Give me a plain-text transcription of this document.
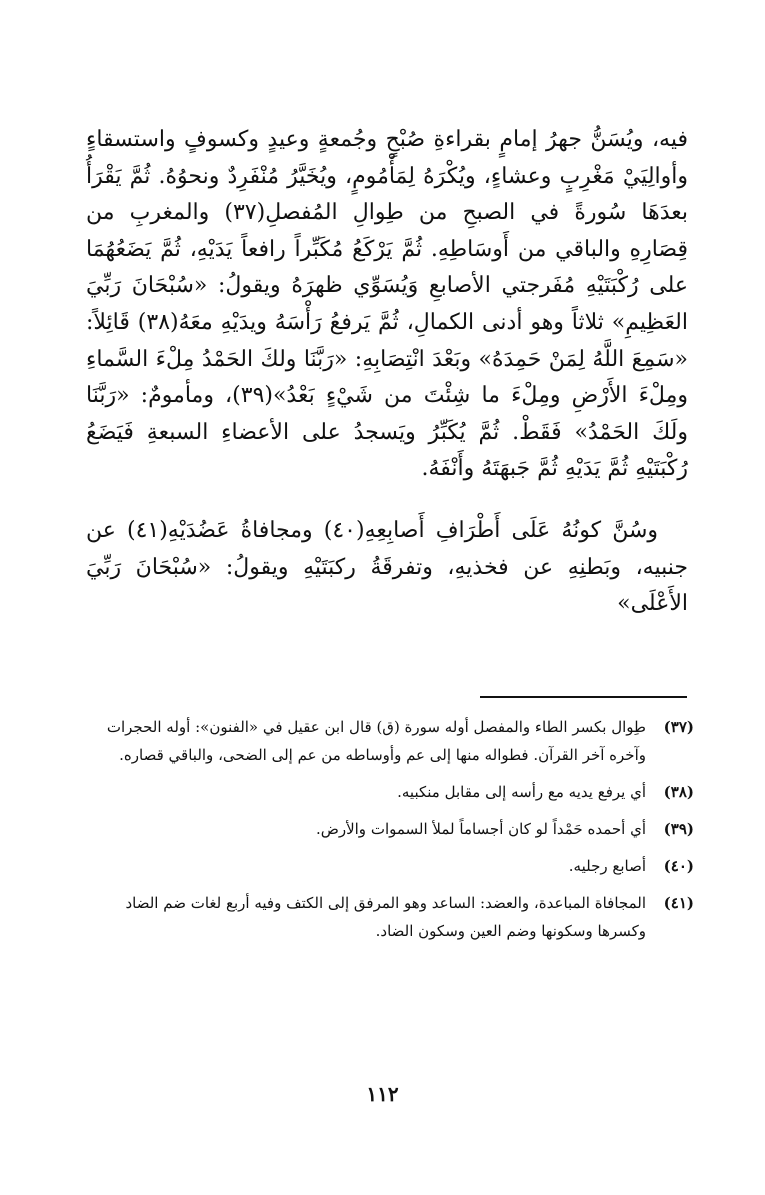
فيه، ويُسَنُّ جهرُ إمامٍ بقراءةِ صُبْحٍ وجُمعةٍ وعيدٍ وكسوفٍ واستسقاءٍ وأوالِيَيْ مَغْرِبٍ وعشاءٍ، ويُكْرَهُ لِمَأْمُومٍ، ويُخَيَّرُ مُنْفَرِدٌ ونحوُهُ. ثُمَّ يَقْرَأُ بعدَهَا سُورةً في الصبحِ من طِوالِ المُفصلِ(٣٧) والمغربِ من قِصَارِهِ والباقي من أَوسَاطِهِ. ثُمَّ يَرْكَعُ مُكَبِّراً رافعاً يَدَيْهِ، ثُمَّ يَضَعُهُمَا على رُكْبَتَيْهِ مُفَرجتي الأصابعِ وَيُسَوِّي ظهرَهُ ويقولُ: «سُبْحَانَ رَبِّيَ العَظِيمِ» ثلاثاً وهو أدنى الكمالِ، ثُمَّ يَرفعُ رَأْسَهُ ويدَيْهِ معَهُ(٣٨) قَائِلاً: «سَمِعَ اللَّهُ لِمَنْ حَمِدَهُ» وبَعْدَ انْتِصَابِهِ: «رَبَّنَا ولكَ الحَمْدُ مِلْءَ السَّماءِ ومِلْءَ الأَرْضِ ومِلْءَ ما شِئْتَ من شَيْءٍ بَعْدُ»(٣٩)، ومأمومٌ: «رَبَّنَا ولَكَ الحَمْدُ» فَقَطْ. ثُمَّ يُكَبِّرُ ويَسجدُ على الأعضاءِ السبعةِ فَيَضَعُ رُكْبَتَيْهِ ثُمَّ يَدَيْهِ ثُمَّ جَبهَتَهُ وأَنْفَهُ.

وسُنَّ كونُهُ عَلَى أَطْرَافِ أَصابِعِهِ(٤٠) ومجافاةُ عَضُدَيْهِ(٤١) عن جنبيه، وبَطنِهِ عن فخذيهِ، وتفرقَةُ ركبَتَيْهِ ويقولُ: «سُبْحَانَ رَبِّيَ الأَعْلَى»

(٣٧)
طِوال بكسر الطاء والمفصل أوله سورة (ق) قال ابن عقيل في «الفنون»: أوله الحجرات وآخره آخر القرآن. فطواله منها إلى عم وأوساطه من عم إلى الضحى، والباقي قصاره.
(٣٨)
أي يرفع يديه مع رأسه إلى مقابل منكبيه.
(٣٩)
أي أحمده حَمْداً لو كان أجساماً لملأ السموات والأرض.
(٤٠)
أصابع رجليه.
(٤١)
المجافاة المباعدة، والعضد: الساعد وهو المرفق إلى الكتف وفيه أربع لغات ضم الضاد وكسرها وسكونها وضم العين وسكون الضاد.
١١٢
